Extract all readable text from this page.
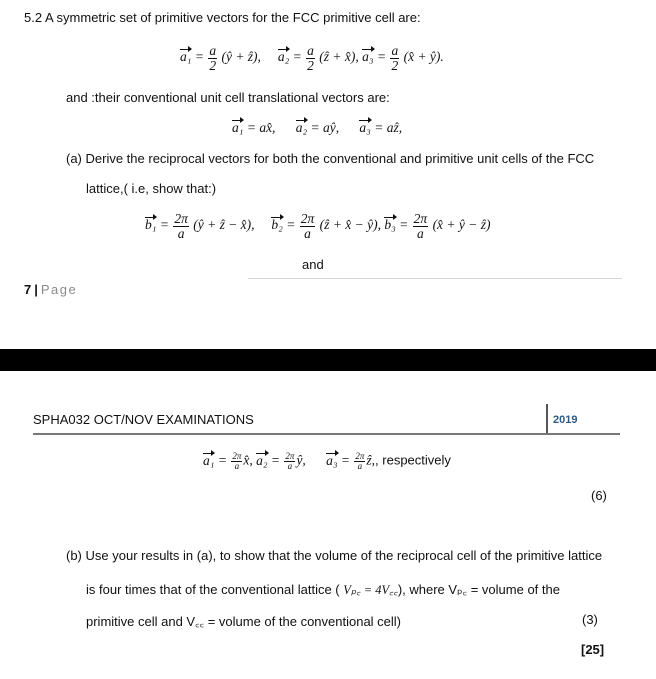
5.2 A symmetric set of primitive vectors for the FCC primitive cell are:
$a_1 = \frac{a}{2}$ (ŷ + ẑ), $a_2 = \frac{a}{2}$ (ẑ + x̂), $a_3 = \frac{a}{2}$ (x̂ + ŷ).
and :their conventional unit cell translational vectors are:
a₁ = ax̂, a₂ = aŷ, a₃ = aẑ,
(a) Derive the reciprocal vectors for both the conventional and primitive unit cells of the FCC
lattice,( i.e, show that:)
$b_1 = \frac{2\pi}{a}$ (ŷ + ẑ − x̂), $b_2 = \frac{2\pi}{a}$ (ẑ + x̂ − ŷ), $b_3 = \frac{2\pi}{a}$ (x̂ + ŷ − ẑ)
and
7 | Page
SPHA032 OCT/NOV EXAMINATIONS	2019
$a_1 = \frac{2\pi}{a}$ x̂, $a_2 = \frac{2\pi}{a}$ ŷ, $a_3 = \frac{2\pi}{a}$ ẑ,, respectively
(6)
(b) Use your results in (a), to show that the volume of the reciprocal cell of the primitive lattice
is four times that of the conventional lattice ( Vₚ꜀ = 4V꜀꜀), where Vₚ꜀ = volume of the
primitive cell and V꜀꜀ = volume of the conventional cell)	(3)
[25]
